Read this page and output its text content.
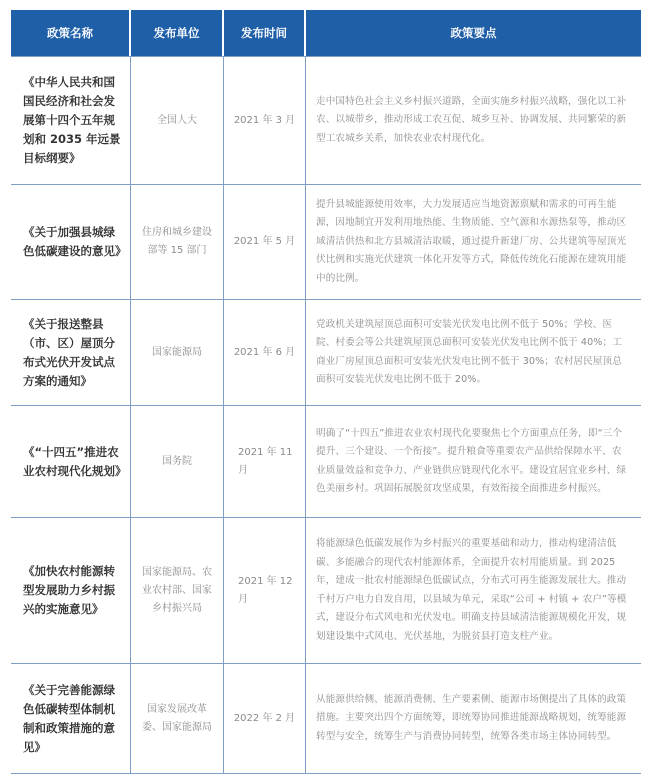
政策名称	发布单位	发布时间	政策要点
《中华人民共和国国民经济和社会发展第十四个五年规划和 2035 年远景目标纲要》	全国人大	2021 年 3 月	走中国特色社会主义乡村振兴道路，全面实施乡村振兴战略，强化以工补农、以城带乡，推动形成工农互促、城乡互补、协调发展、共同繁荣的新型工农城乡关系，加快农业农村现代化。
《关于加强县城绿色低碳建设的意见》	住房和城乡建设部等 15 部门	2021 年 5 月	提升县城能源使用效率，大力发展适应当地资源禀赋和需求的可再生能源，因地制宜开发利用地热能、生物质能、空气源和水源热泵等，推动区域清洁供热和北方县城清洁取暖，通过提升新建厂房、公共建筑等屋顶光伏比例和实施光伏建筑一体化开发等方式，降低传统化石能源在建筑用能中的比例。
《关于报送整县（市、区）屋顶分布式光伏开发试点方案的通知》	国家能源局	2021 年 6 月	党政机关建筑屋顶总面积可安装光伏发电比例不低于 50%；学校、医院、村委会等公共建筑屋顶总面积可安装光伏发电比例不低于 40%；工商业厂房屋顶总面积可安装光伏发电比例不低于 30%；农村居民屋顶总面积可安装光伏发电比例不低于 20%。
《“十四五”推进农业农村现代化规划》	国务院	2021 年 11 月	明确了“十四五”推进农业农村现代化要聚焦七个方面重点任务，即“三个提升、三个建设、一个衔接”。提升粮食等重要农产品供给保障水平、农业质量效益和竞争力、产业链供应链现代化水平。建设宜居宜业乡村、绿色美丽乡村。巩固拓展脱贫攻坚成果，有效衔接全面推进乡村振兴。
《加快农村能源转型发展助力乡村振兴的实施意见》	国家能源局、农业农村部、国家乡村振兴局	2021 年 12 月	将能源绿色低碳发展作为乡村振兴的重要基础和动力，推动构建清洁低碳、多能融合的现代农村能源体系，全面提升农村用能质量。到 2025 年，建成一批农村能源绿色低碳试点，分布式可再生能源发展壮大。推动千村万户电力自发自用，以县域为单元，采取“公司 + 村镇 + 农户”等模式，建设分布式风电和光伏发电。明确支持县域清洁能源规模化开发，规划建设集中式风电、光伏基地，为脱贫县打造支柱产业。
《关于完善能源绿色低碳转型体制机制和政策措施的意见》	国家发展改革委、国家能源局	2022 年 2 月	从能源供给侧、能源消费侧、生产要素侧、能源市场侧提出了具体的政策措施。主要突出四个方面统筹，即统筹协同推进能源战略规划，统筹能源转型与安全，统筹生产与消费协同转型，统筹各类市场主体协同转型。
